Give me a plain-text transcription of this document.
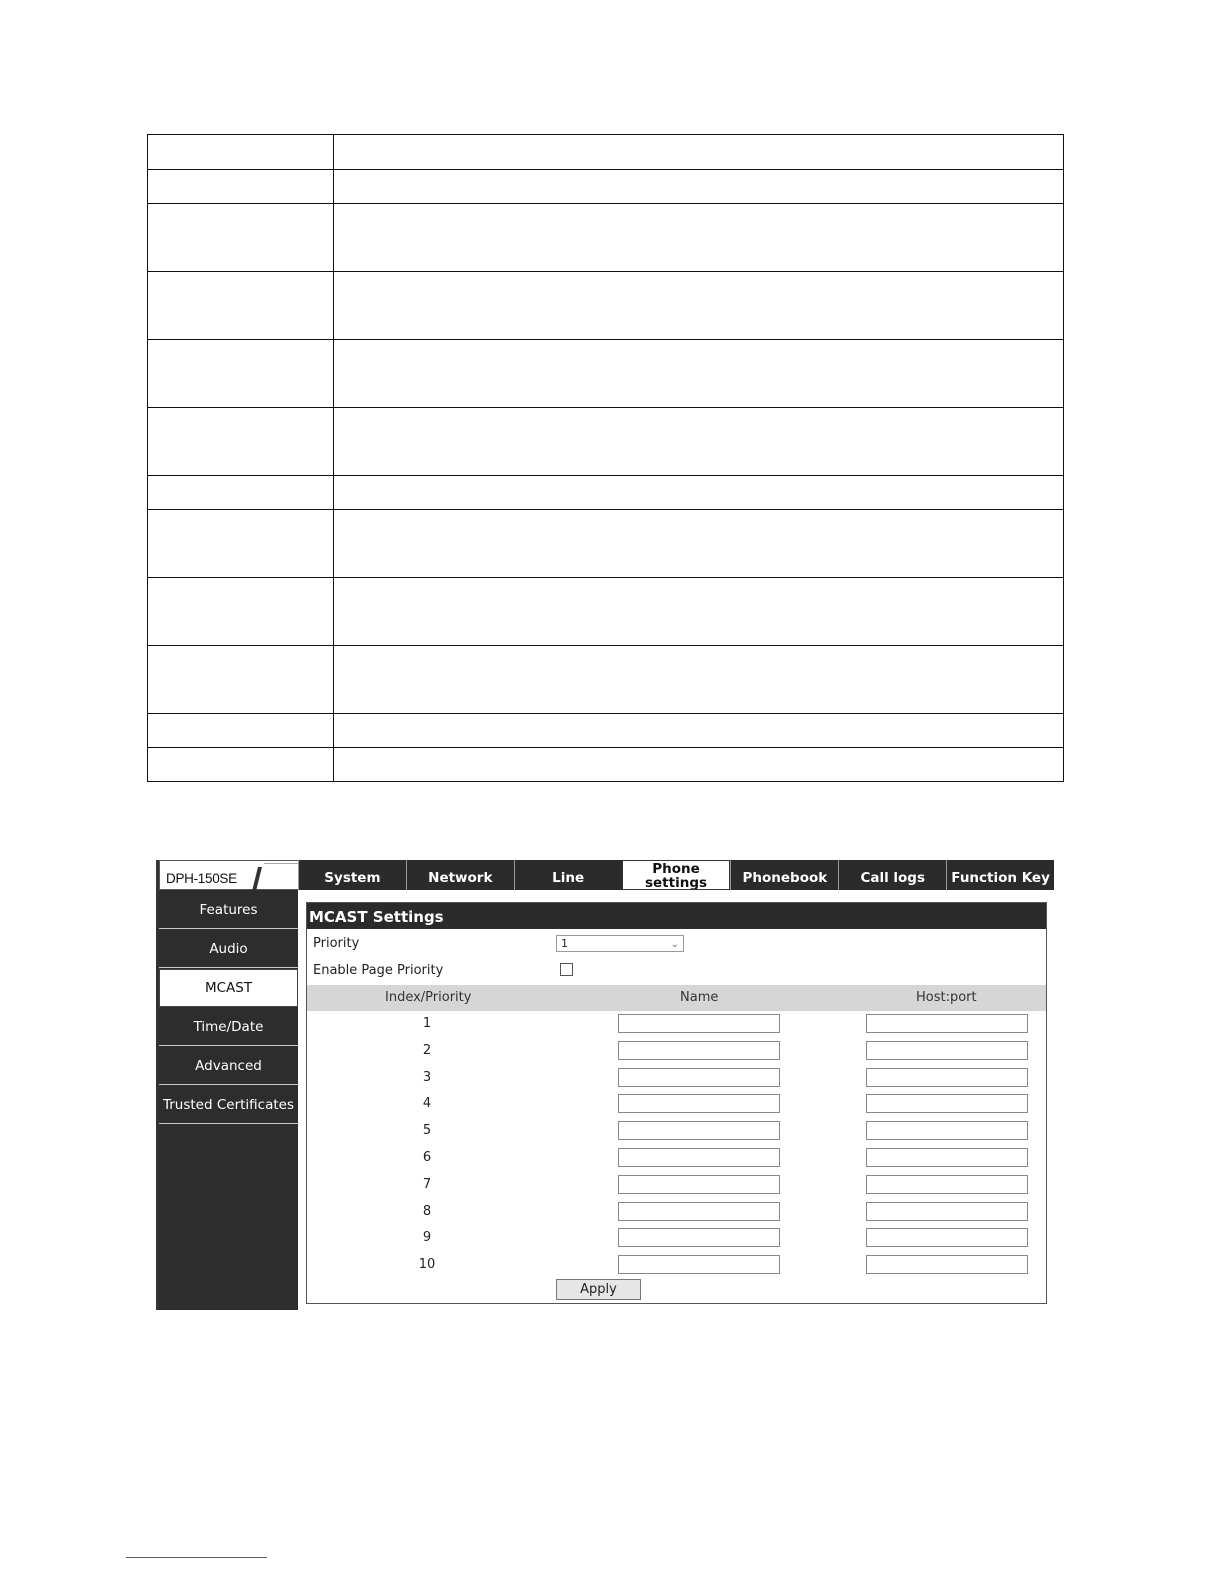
DPH-150SE	System	Network	Line
Phone settings	Phonebook	Call logs	Function Key
Features
Audio
MCAST
Time/Date
Advanced
Trusted Certificates
MCAST Settings
Priority	1	⌄
Enable Page Priority
Index/Priority	Name	Host:port
1
2
3
4
5
6
7
8
9
10
Apply
